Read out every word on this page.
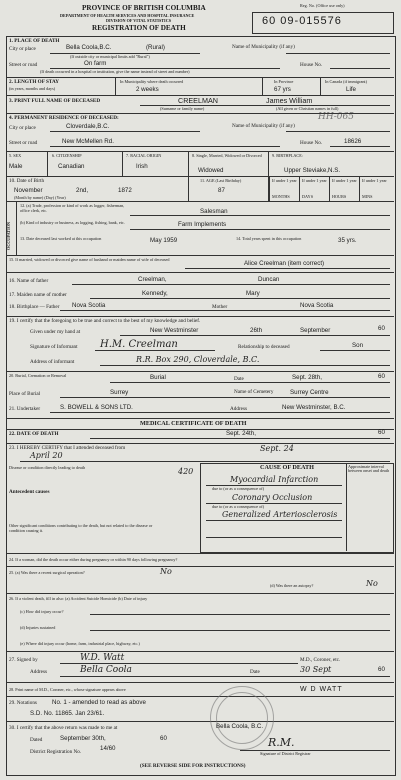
PROVINCE OF BRITISH COLUMBIA
DEPARTMENT OF HEALTH SERVICES AND HOSPITAL INSURANCE
DIVISION OF VITAL STATISTICS
REGISTRATION OF DEATH
Reg. No. (Office use only)
60 09-015576
1. PLACE OF DEATH
City or place	Bella Coola,B.C.	(Rural)
(If outside city or municipal limits add "Rural")
Name of Municipality (if any)
Street or road	On farm	House No.
(If death occurred in a hospital or institution, give the name instead of street and number)
2. LENGTH OF STAY
(in years, months and days)
In Municipality where death occurred
2 weeks
In Province
67 yrs
In Canada (if immigrant)
Life
3. PRINT FULL NAME OF DECEASED	CREELMAN	James William
(Surname or family name)	(All given or Christian names in full)
HH-065
4. PERMANENT RESIDENCE OF DECEASED:
City or place	Cloverdale,B.C.	Name of Municipality (if any)
Street or road	New McMellen Rd.	House No.	18626
5. SEX
Male
6. CITIZENSHIP
Canadian
7. RACIAL ORIGIN
Irish
8. Single, Married, Widowed or Divorced
Widowed
9. BIRTHPLACE:
Upper Steviake,N.S.
10. Date of Birth
November	2nd,	1872
(Month by name) (Day) (Year)
11. AGE (Last Birthday)
87
MONTHS
If under 1 year
DAYS
If under 1 year
HOURS
If under 1 year
MINS
If under 1 year
OCCUPATION
12. (a) Trade, profession or kind of work as logger, fisherman, office clerk, etc.	Salesman
(b) Kind of industry or business, as logging, fishing, bank, etc.	Farm Implements
13. Date deceased last worked at this occupation	May 1959	14. Total years spent in this occupation	35 yrs.
15. If married, widowed or divorced give name of husband or maiden name of wife of deceased
Alice Creelman (item correct)
16. Name of father	Creelman,	Duncan
17. Maiden name of mother	Kennedy,	Mary
18. Birthplace — Father Nova Scotia	Mother	Nova Scotia
19. I certify that the foregoing to be true and correct to the best of my knowledge and belief.
Given under my hand at	New Westminster	26th	September	60
Signature of Informant H.M. Creelman	Relationship to deceased	Son
Address of informant	R.R. Box 290, Cloverdale, B.C.
20. Burial, Cremation or Removal	Burial	Date	Sept. 28th,	60
Place of Burial	Surrey	Name of Cemetery	Surrey Centre
21. Undertaker	S. BOWELL & SONS LTD.	Address	New Westminster, B.C.
MEDICAL CERTIFICATE OF DEATH
22. DATE OF DEATH	Sept. 24th,	60
23. I HEREBY CERTIFY that I attended deceased from
April 20
Sept. 24
CAUSE OF DEATH	Approximate interval between onset and death
420
Disease or condition directly leading to death
Myocardial Infarction
due to (or as a consequence of)
Antecedent causes
Coronary Occlusion
due to (or as a consequence of)
Generalized Arteriosclerosis
Other significant conditions contributing to the death, but not related to the disease or condition causing it.
24. If a woman, did the death occur either during pregnancy or within 90 days following pregnancy?
25. (a) Was there a recent surgical operation?	No
(d) Was there an autopsy?	No
26. If a violent death, fill in also: (a) Accident Suicide Homicide (b) Date of injury
(c) How did injury occur?
(d) Injuries sustained
(e) Where did injury occur (home, farm, industrial place, highway, etc.)
27. Signed by	W.D. Watt	M.D., Coroner, etc.
Address	Bella Coola	Date	30 Sept	60
28. Print name of M.D., Coroner, etc., whose signature appears above	W D WATT
29. Notations No. 1 - amended to read as above
S.D. No. 11865. Jan 23/61.
30. I certify that the above return was made to me at	Bella Coola, B.C.
Dated	September 30th,	60
District Registration No.	14/60	R.M.
Signature of District Registrar
(SEE REVERSE SIDE FOR INSTRUCTIONS)
